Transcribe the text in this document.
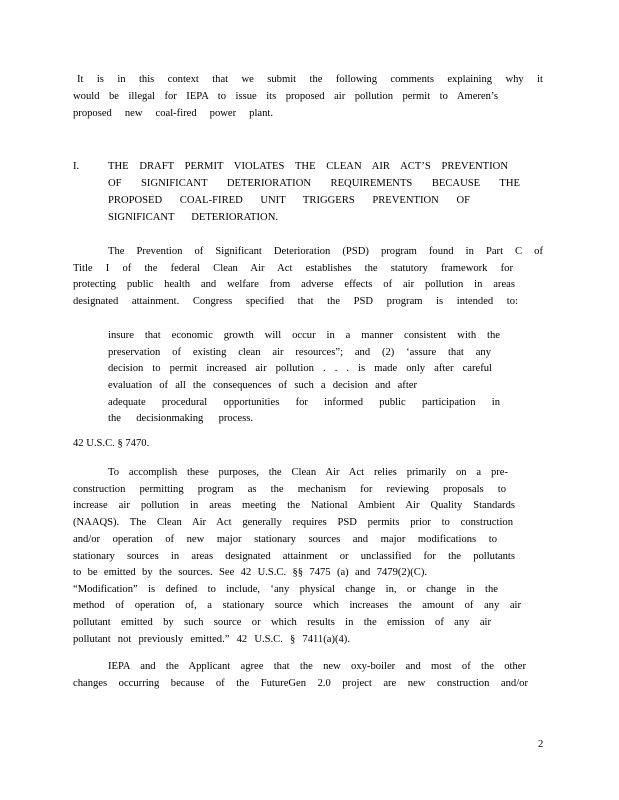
It is in this context that we submit the following comments explaining why it
would be illegal for IEPA to issue its proposed air pollution permit to Ameren’s
proposed new coal-fired power plant.
I.	THE DRAFT PERMIT VIOLATES THE CLEAN AIR ACT’S PREVENTION
OF SIGNIFICANT DETERIORATION REQUIREMENTS BECAUSE THE
PROPOSED COAL-FIRED UNIT TRIGGERS PREVENTION OF
SIGNIFICANT DETERIORATION.
The Prevention of Significant Deterioration (PSD) program found in Part C of
Title I of the federal Clean Air Act establishes the statutory framework for
protecting public health and welfare from adverse effects of air pollution in areas
designated attainment. Congress specified that the PSD program is intended to:
insure that economic growth will occur in a manner consistent with the
preservation of existing clean air resources”; and (2) ‘assure that any
decision to permit increased air pollution . . . is made only after careful
evaluation of all the consequences of such a decision and after
adequate procedural opportunities for informed public participation in
the decisionmaking process.
42 U.S.C. § 7470.
To accomplish these purposes, the Clean Air Act relies primarily on a pre-
construction permitting program as the mechanism for reviewing proposals to
increase air pollution in areas meeting the National Ambient Air Quality Standards
(NAAQS). The Clean Air Act generally requires PSD permits prior to construction
and/or operation of new major stationary sources and major modifications to
stationary sources in areas designated attainment or unclassified for the pollutants
to be emitted by the sources. See 42 U.S.C. §§ 7475 (a) and 7479(2)(C).
“Modification” is defined to include, ‘any physical change in, or change in the
method of operation of, a stationary source which increases the amount of any air
pollutant emitted by such source or which results in the emission of any air
pollutant not previously emitted.” 42 U.S.C. § 7411(a)(4).
IEPA and the Applicant agree that the new oxy-boiler and most of the other
changes occurring because of the FutureGen 2.0 project are new construction and/or
2
